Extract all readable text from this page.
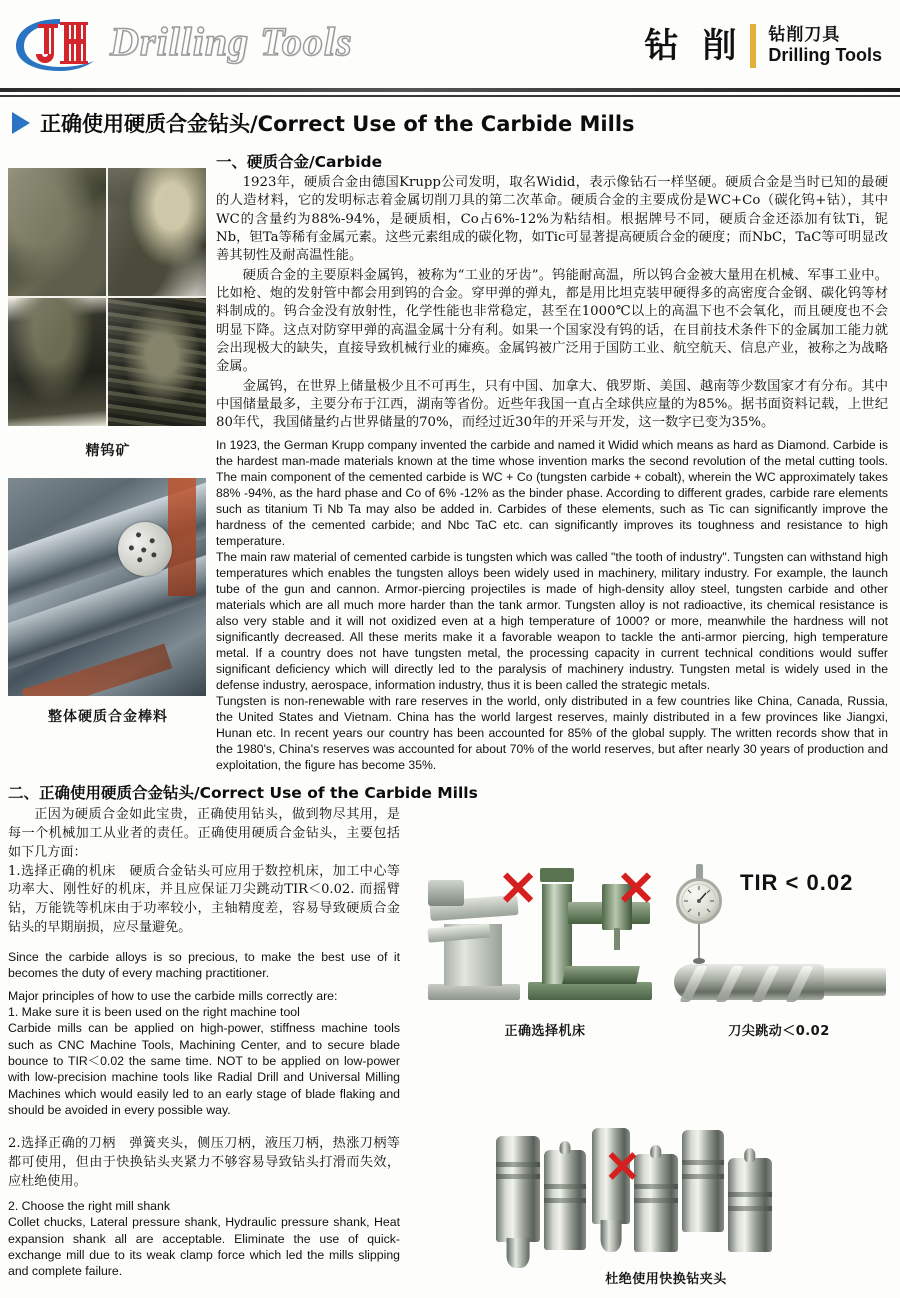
Drilling Tools	钻 削 钻削刀具
Drilling Tools
正确使用硬质合金钻头/Correct Use of the Carbide Mills
精钨矿
整体硬质合金棒料
一、硬质合金/Carbide

1923年，硬质合金由德国Krupp公司发明，取名Widid，表示像钻石一样坚硬。硬质合金是当时已知的最硬的人造材料，它的发明标志着金属切削刀具的第二次革命。硬质合金的主要成份是WC+Co（碳化钨+钴），其中WC的含量约为88%-94%，是硬质相，Co占6%-12%为粘结相。根据牌号不同，硬质合金还添加有钛Ti，铌Nb，钽Ta等稀有金属元素。这些元素组成的碳化物，如Tic可显著提高硬质合金的硬度；而NbC，TaC等可明显改善其韧性及耐高温性能。

硬质合金的主要原料金属钨，被称为“工业的牙齿”。钨能耐高温，所以钨合金被大量用在机械、军事工业中。比如枪、炮的发射管中都会用到钨的合金。穿甲弹的弹丸，都是用比坦克装甲硬得多的高密度合金钢、碳化钨等材料制成的。钨合金没有放射性，化学性能也非常稳定，甚至在1000℃以上的高温下也不会氧化，而且硬度也不会明显下降。这点对防穿甲弹的高温金属十分有利。如果一个国家没有钨的话，在目前技术条件下的金属加工能力就会出现极大的缺失，直接导致机械行业的瘫痪。金属钨被广泛用于国防工业、航空航天、信息产业，被称之为战略金属。

金属钨，在世界上储量极少且不可再生，只有中国、加拿大、俄罗斯、美国、越南等少数国家才有分布。其中中国储量最多，主要分布于江西，湖南等省份。近些年我国一直占全球供应量的为85%。据书面资料记载，上世纪80年代，我国储量约占世界储量的70%，而经过近30年的开采与开发，这一数字已变为35%。

In 1923, the German Krupp company invented the carbide and named it Widid which means as hard as Diamond. Carbide is the hardest man-made materials known at the time whose invention marks the second revolution of the metal cutting tools. The main component of the cemented carbide is WC + Co (tungsten carbide + cobalt), wherein the WC approximately takes 88% -94%, as the hard phase and Co of 6% -12% as the binder phase. According to different grades, carbide rare elements such as titanium Ti Nb Ta may also be added in. Carbides of these elements, such as Tic can significantly improve the hardness of the cemented carbide; and Nbc TaC etc. can significantly improves its toughness and resistance to high temperature.

The main raw material of cemented carbide is tungsten which was called "the tooth of industry". Tungsten can withstand high temperatures which enables the tungsten alloys been widely used in machinery, military industry. For example, the launch tube of the gun and cannon. Armor-piercing projectiles is made of high-density alloy steel, tungsten carbide and other materials which are all much more harder than the tank armor. Tungsten alloy is not radioactive, its chemical resistance is also very stable and it will not oxidized even at a high temperature of 1000? or more, meanwhile the hardness will not significantly decreased. All these merits make it a favorable weapon to tackle the anti-armor piercing, high temperature metal. If a country does not have tungsten metal, the processing capacity in current technical conditions would suffer significant deficiency which will directly led to the paralysis of machinery industry. Tungsten metal is widely used in the defense industry, aerospace, information industry, thus it is been called the strategic metals.

Tungsten is non-renewable with rare reserves in the world, only distributed in a few countries like China, Canada, Russia, the United States and Vietnam. China has the world largest reserves, mainly distributed in a few provinces like Jiangxi, Hunan etc. In recent years our country has been accounted for 85% of the global supply. The written records show that in the 1980's, China's reserves was accounted for about 70% of the world reserves, but after nearly 30 years of production and exploitation, the figure has become 35%.

二、正确使用硬质合金钻头/Correct Use of the Carbide Mills

正因为硬质合金如此宝贵，正确使用钻头，做到物尽其用，是每一个机械加工从业者的责任。正确使用硬质合金钻头，主要包括如下几方面：

1.选择正确的机床　硬质合金钻头可应用于数控机床，加工中心等功率大、刚性好的机床，并且应保证刀尖跳动TIR＜0.02. 而摇臂钻，万能铣等机床由于功率较小，主轴精度差，容易导致硬质合金钻头的早期崩损，应尽量避免。

Since the carbide alloys is so precious, to make the best use of it becomes the duty of every maching practitioner.

Major principles of how to use the carbide mills correctly are:

1. Make sure it is been used on the right machine tool

Carbide mills can be applied on high-power, stiffness machine tools such as CNC Machine Tools, Machining Center, and to secure blade bounce to TIR＜0.02 the same time. NOT to be applied on low-power with low-precision machine tools like Radial Drill and Universal Milling Machines which would easily led to an early stage of blade flaking and should be avoided in every possible way.

2.选择正确的刀柄　弹簧夹头，侧压刀柄，液压刀柄，热涨刀柄等都可使用，但由于快换钻头夹紧力不够容易导致钻头打滑而失效，应杜绝使用。

2. Choose the right mill shank

Collet chucks, Lateral pressure shank, Hydraulic pressure shank, Heat expansion shank all are acceptable. Eliminate the use of quick-exchange mill due to its weak clamp force which led the mills slipping and complete failure.

✕ ✕
正确选择机床
TIR < 0.02
刀尖跳动＜0.02
✕
杜绝使用快换钻夹头
